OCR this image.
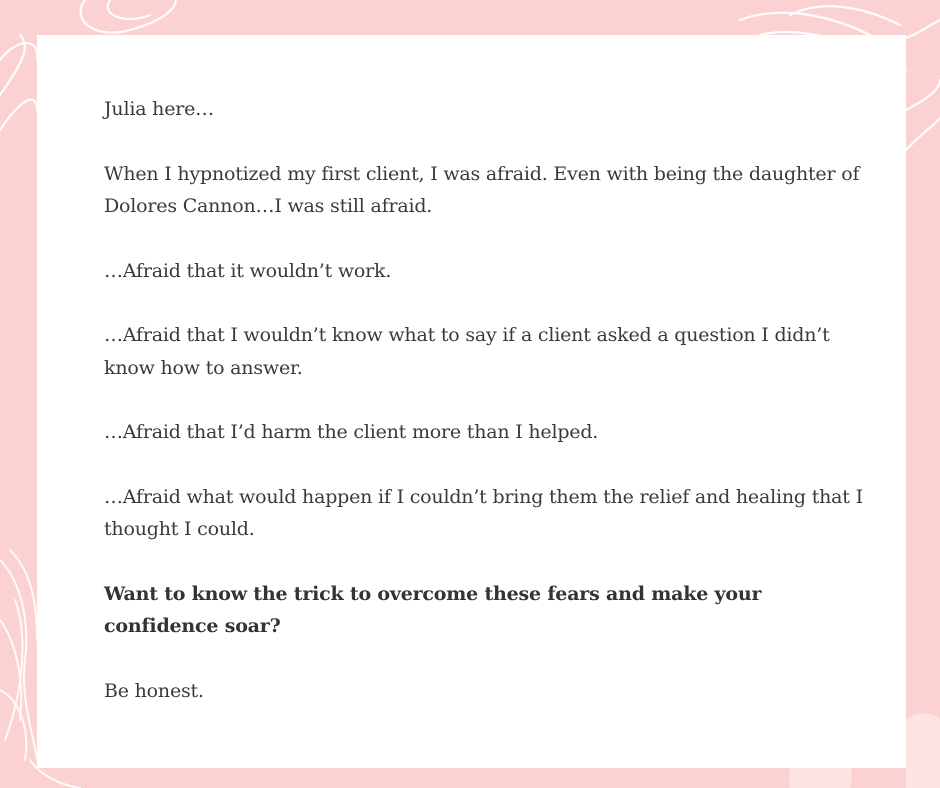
Julia here…

When I hypnotized my first client, I was afraid. Even with being the daughter of Dolores Cannon…I was still afraid.

…Afraid that it wouldn’t work.

…Afraid that I wouldn’t know what to say if a client asked a question I didn’t know how to answer.

…Afraid that I’d harm the client more than I helped.

…Afraid what would happen if I couldn’t bring them the relief and healing that I thought I could.

Want to know the trick to overcome these fears and make your confidence soar?

Be honest.
